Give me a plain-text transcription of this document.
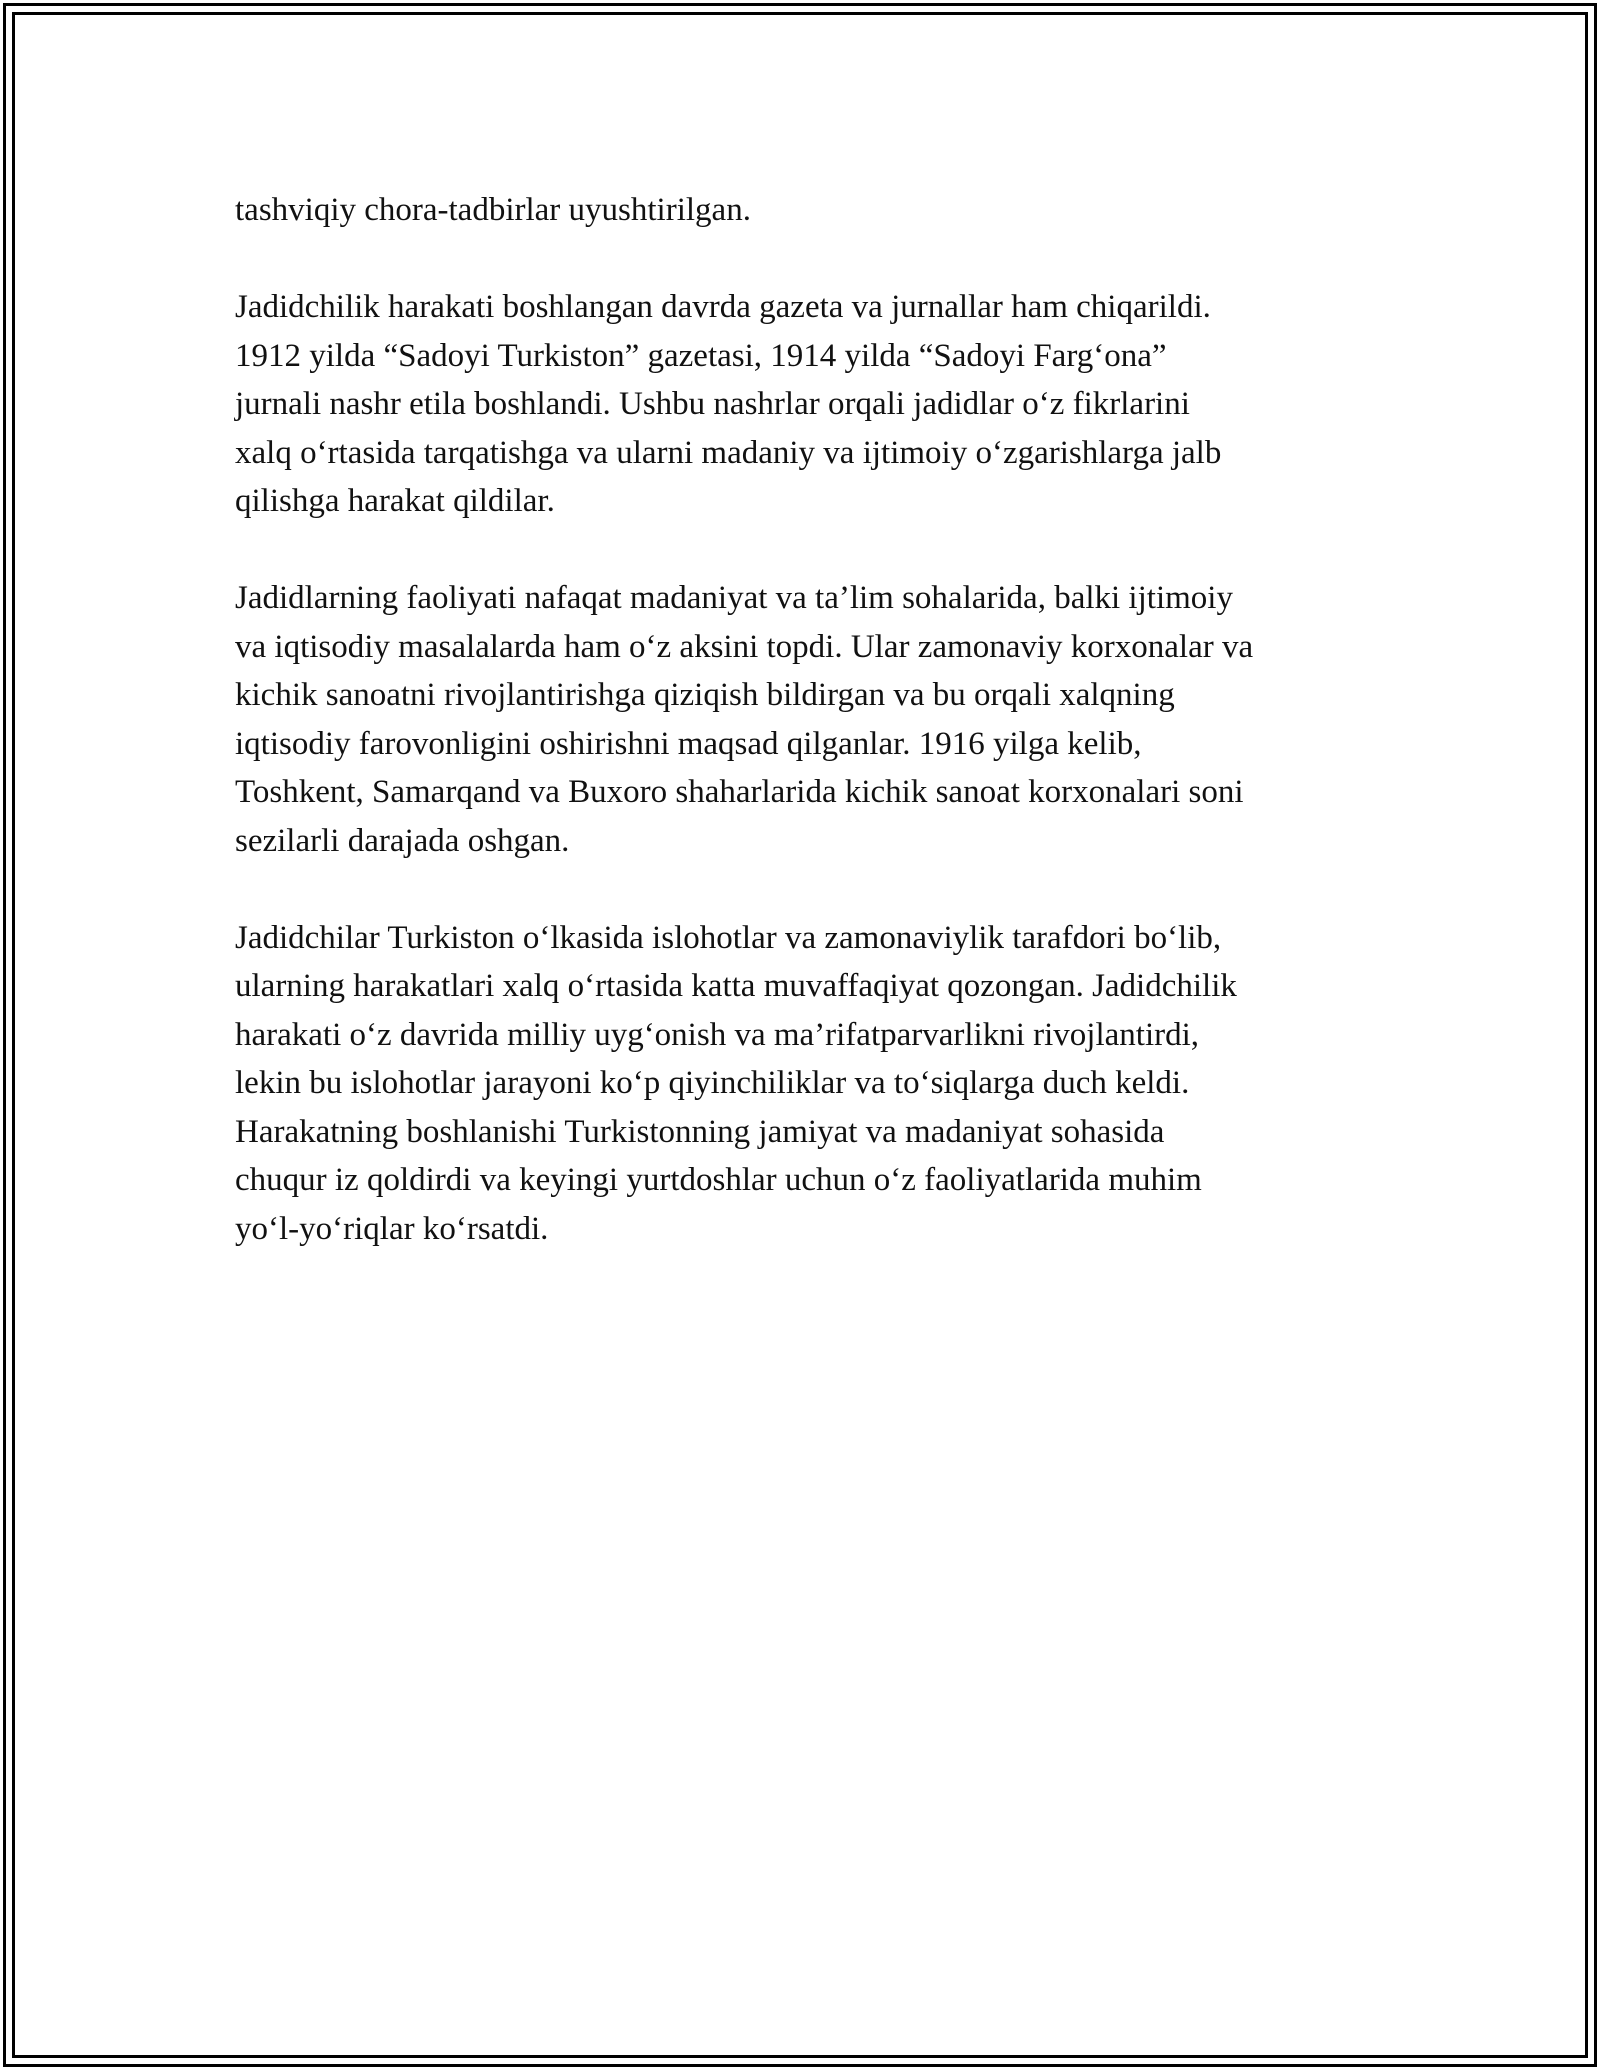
tashviqiy chora-tadbirlar uyushtirilgan.

Jadidchilik harakati boshlangan davrda gazeta va jurnallar ham chiqarildi.
1912 yilda “Sadoyi Turkiston” gazetasi, 1914 yilda “Sadoyi Farg‘ona”
jurnali nashr etila boshlandi. Ushbu nashrlar orqali jadidlar o‘z fikrlarini
xalq o‘rtasida tarqatishga va ularni madaniy va ijtimoiy o‘zgarishlarga jalb
qilishga harakat qildilar.

Jadidlarning faoliyati nafaqat madaniyat va ta’lim sohalarida, balki ijtimoiy
va iqtisodiy masalalarda ham o‘z aksini topdi. Ular zamonaviy korxonalar va
kichik sanoatni rivojlantirishga qiziqish bildirgan va bu orqali xalqning
iqtisodiy farovonligini oshirishni maqsad qilganlar. 1916 yilga kelib,
Toshkent, Samarqand va Buxoro shaharlarida kichik sanoat korxonalari soni
sezilarli darajada oshgan.

Jadidchilar Turkiston o‘lkasida islohotlar va zamonaviylik tarafdori bo‘lib,
ularning harakatlari xalq o‘rtasida katta muvaffaqiyat qozongan. Jadidchilik
harakati o‘z davrida milliy uyg‘onish va ma’rifatparvarlikni rivojlantirdi,
lekin bu islohotlar jarayoni ko‘p qiyinchiliklar va to‘siqlarga duch keldi.
Harakatning boshlanishi Turkistonning jamiyat va madaniyat sohasida
chuqur iz qoldirdi va keyingi yurtdoshlar uchun o‘z faoliyatlarida muhim
yo‘l-yo‘riqlar ko‘rsatdi.
